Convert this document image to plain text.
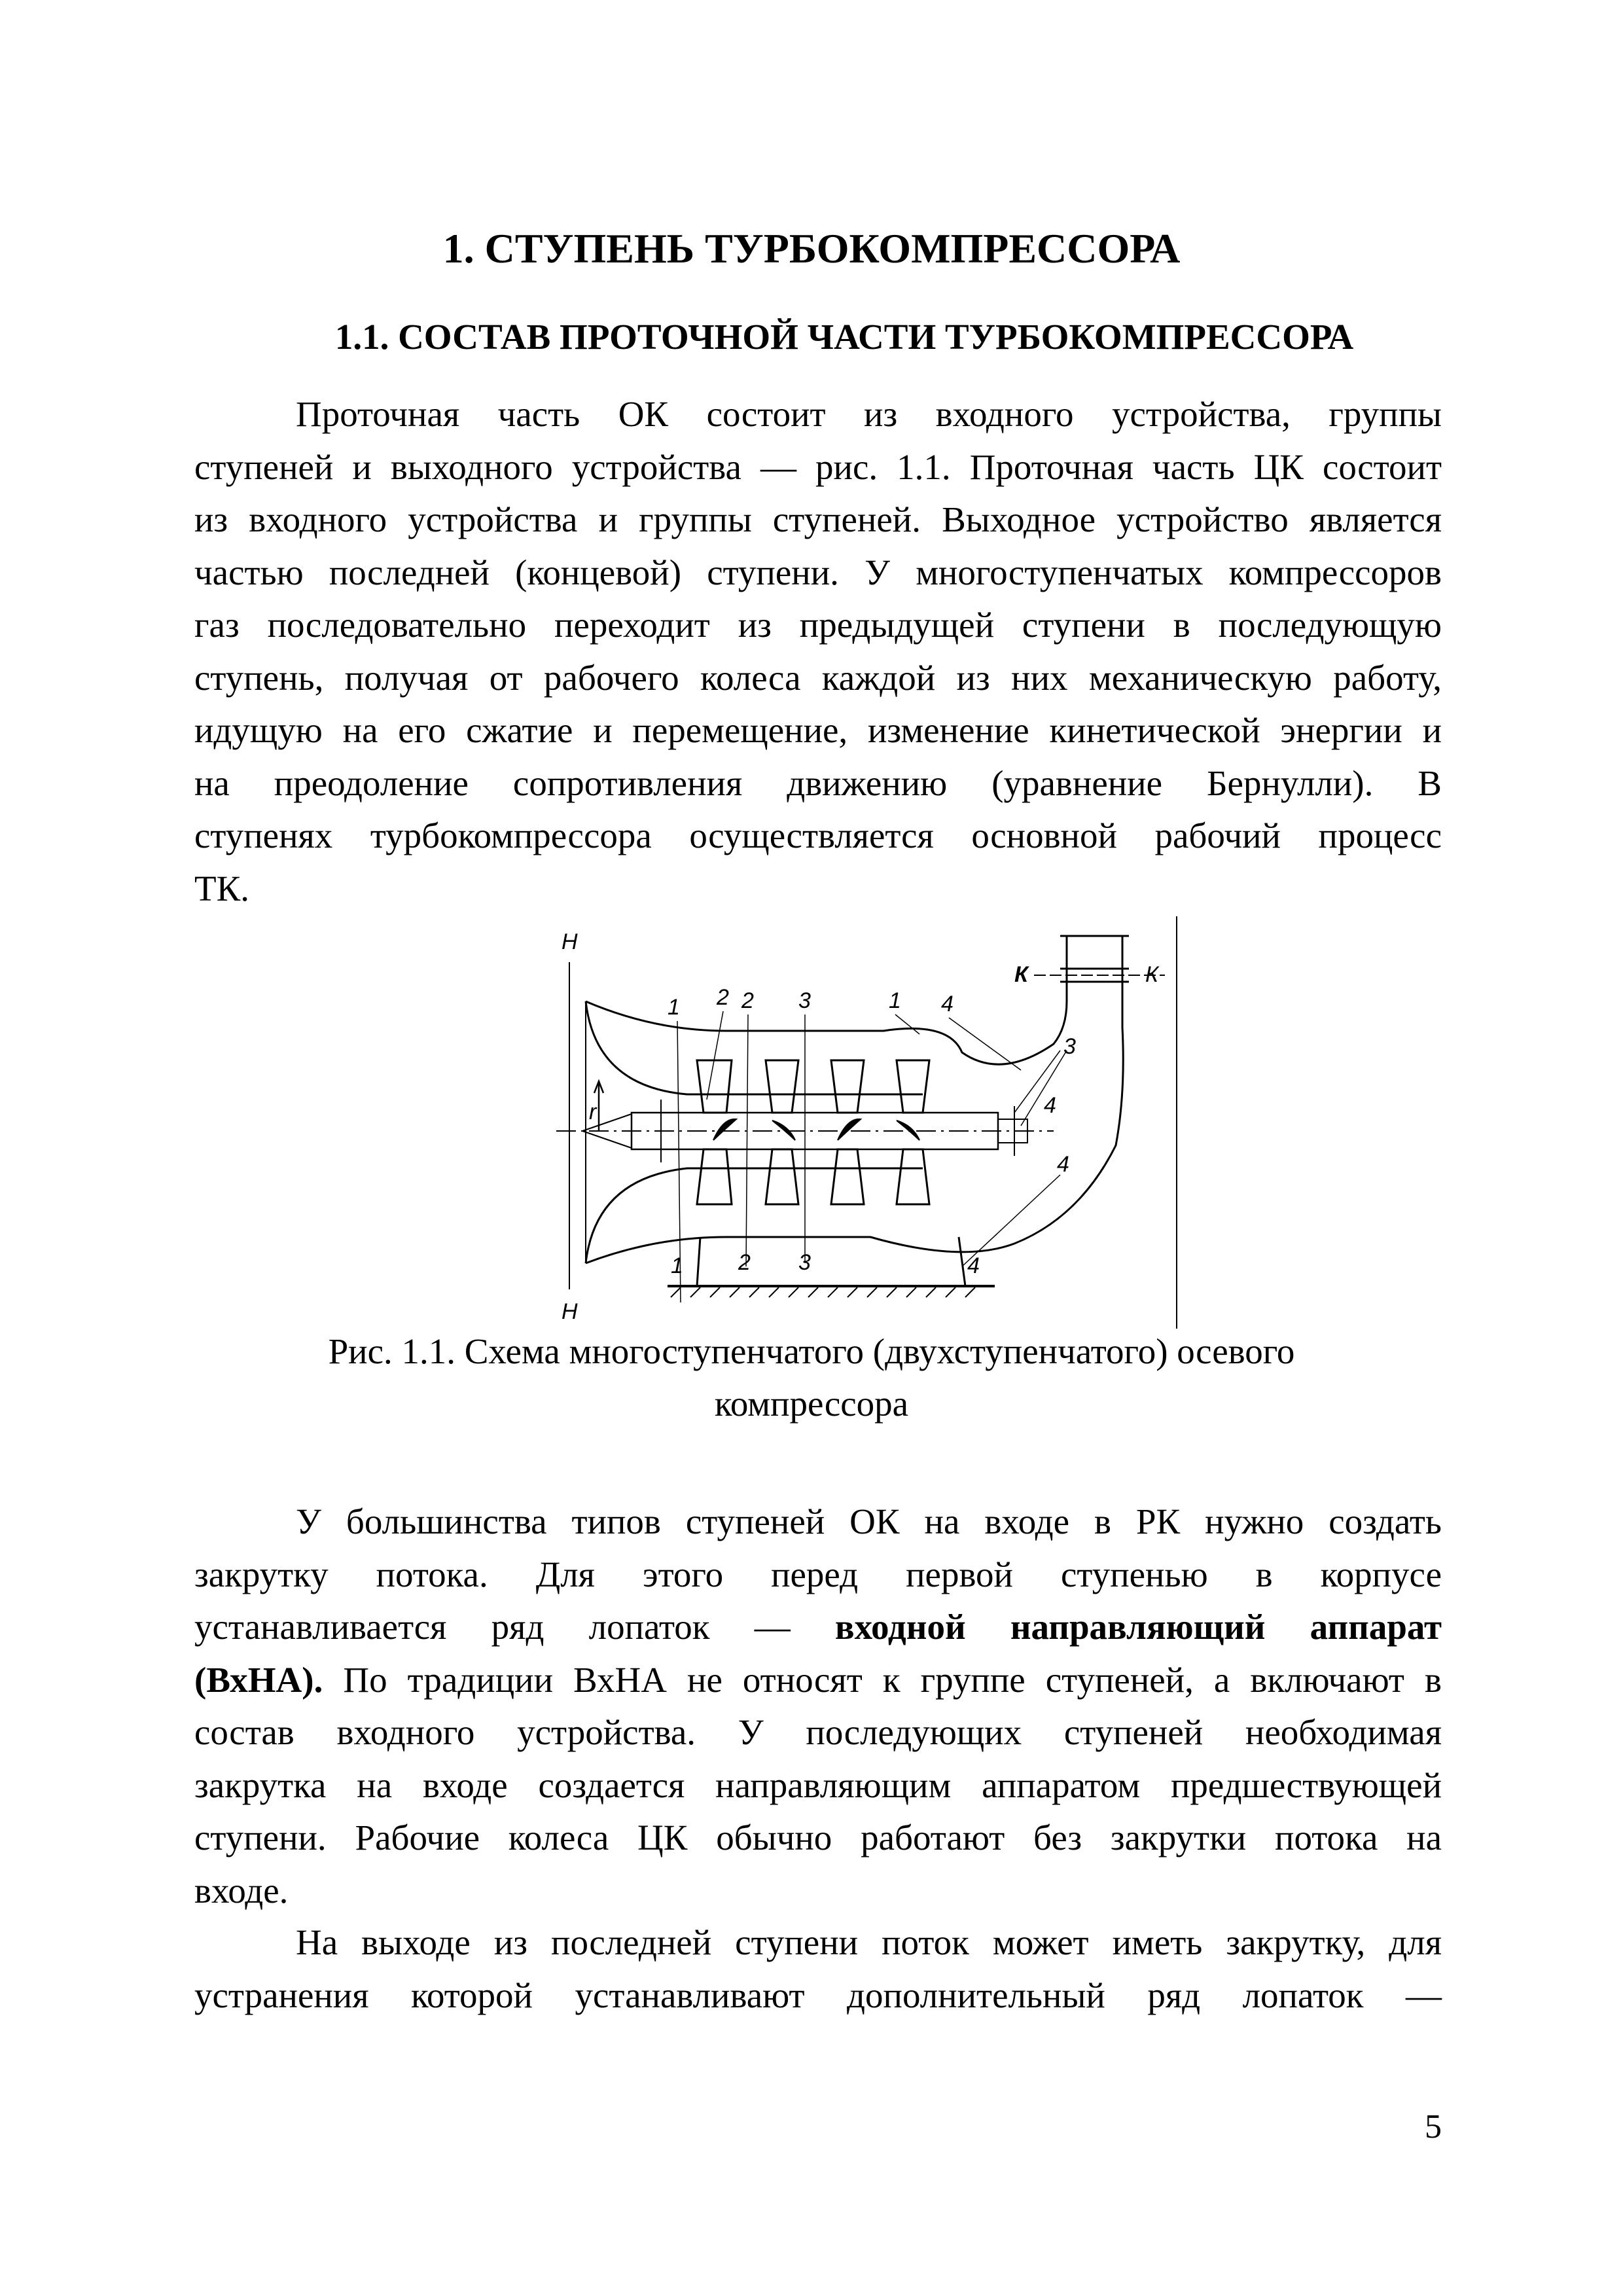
1. СТУПЕНЬ ТУРБОКОМПРЕССОРА
1.1. СОСТАВ ПРОТОЧНОЙ ЧАСТИ ТУРБОКОМПРЕССОРА
Проточная часть ОК состоит из входного устройства, группы
ступеней и выходного устройства — рис. 1.1. Проточная часть ЦК состоит
из входного устройства и группы ступеней. Выходное устройство является
частью последней (концевой) ступени. У многоступенчатых компрессоров
газ последовательно переходит из предыдущей ступени в последующую
ступень, получая от рабочего колеса каждой из них механическую работу,
идущую на его сжатие и перемещение, изменение кинетической энергии и
на преодоление сопротивления движению (уравнение Бернулли). В
ступенях турбокомпрессора осуществляется основной рабочий процесс
ТК.
Н
Н
К	К
r
1 2 2 3	1 4
3
4
4
1 2 3	4
Рис. 1.1. Схема многоступенчатого (двухступенчатого) осевого
компрессора
У большинства типов ступеней ОК на входе в РК нужно создать
закрутку потока. Для этого перед первой ступенью в корпусе
устанавливается ряд лопаток — входной направляющий аппарат
(ВхНА). По традиции ВхНА не относят к группе ступеней, а включают в
состав входного устройства. У последующих ступеней необходимая
закрутка на входе создается направляющим аппаратом предшествующей
ступени. Рабочие колеса ЦК обычно работают без закрутки потока на
входе.
На выходе из последней ступени поток может иметь закрутку, для
устранения которой устанавливают дополнительный ряд лопаток —
5
